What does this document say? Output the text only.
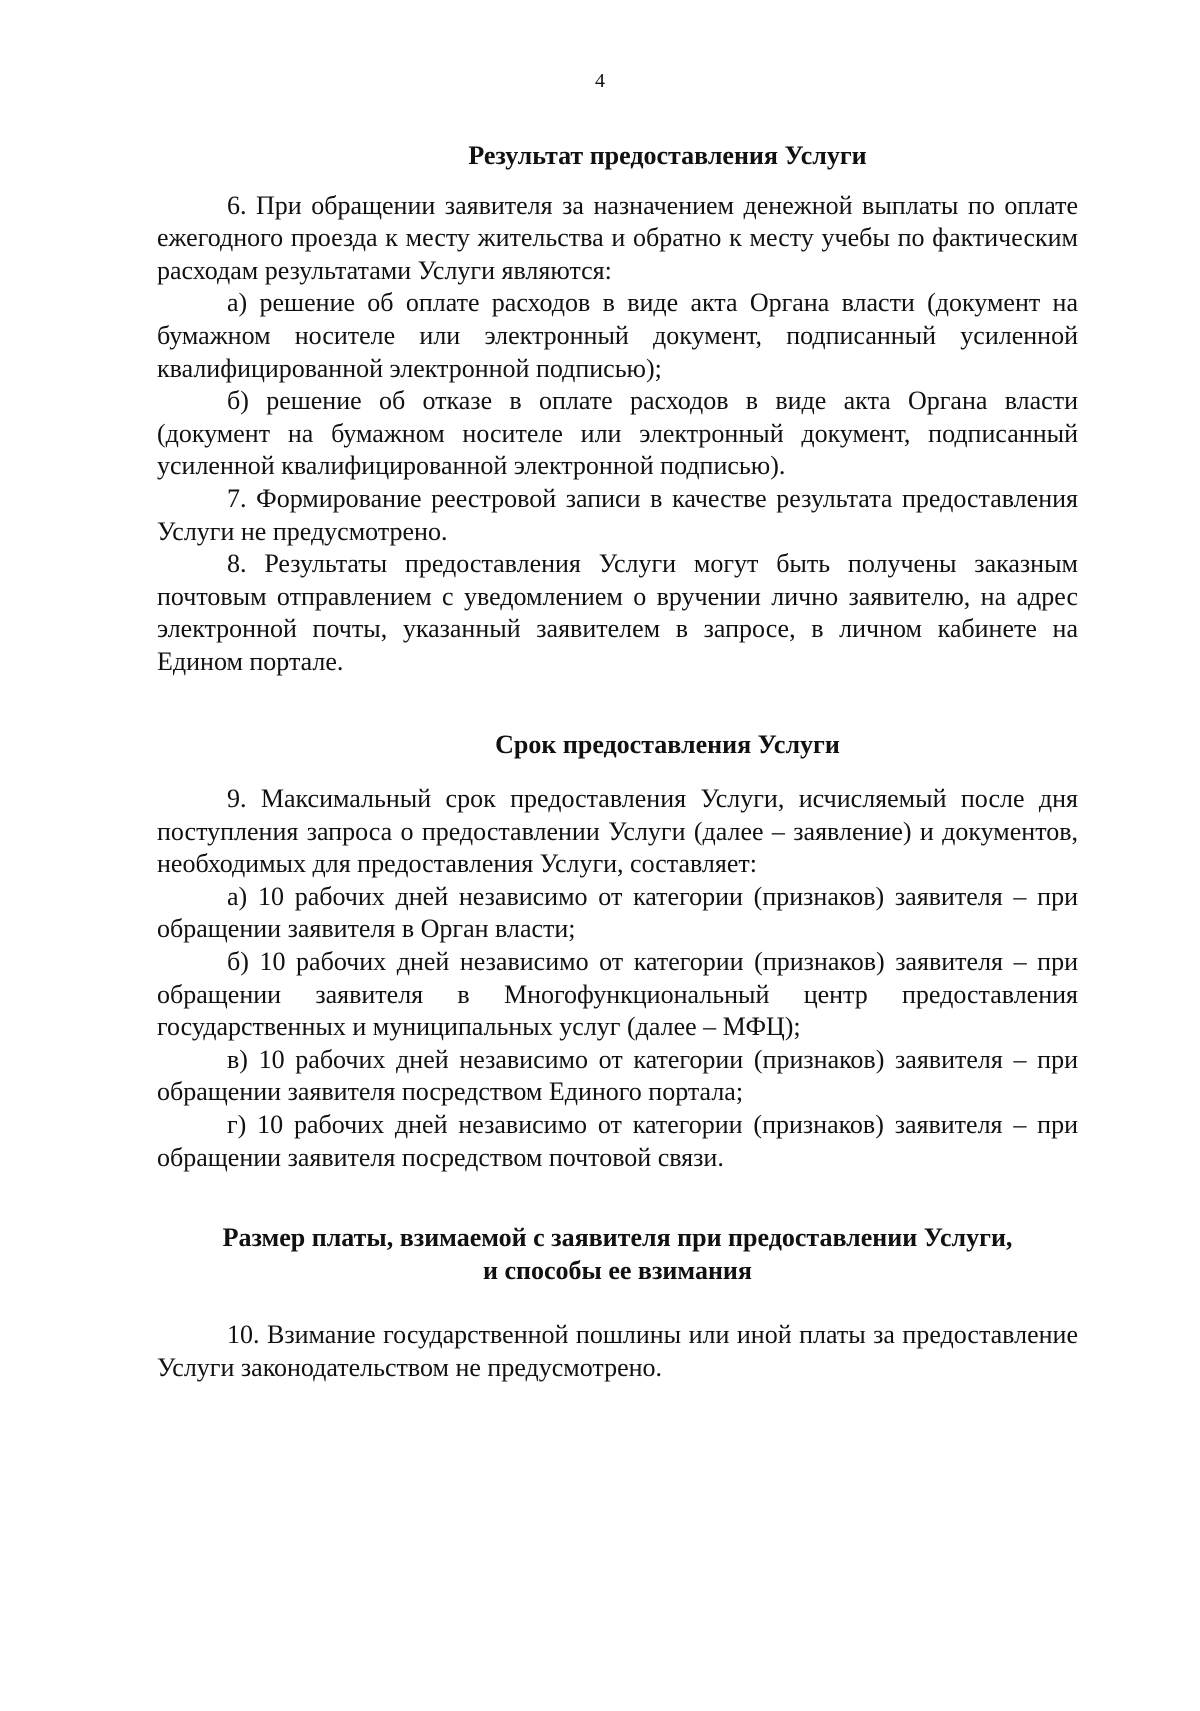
4
Результат предоставления Услуги

6. При обращении заявителя за назначением денежной выплаты по оплате ежегодного проезда к месту жительства и обратно к месту учебы по фактическим расходам результатами Услуги являются:

а) решение об оплате расходов в виде акта Органа власти (документ на бумажном носителе или электронный документ, подписанный усиленной квалифицированной электронной подписью);

б) решение об отказе в оплате расходов в виде акта Органа власти (документ на бумажном носителе или электронный документ, подписанный усиленной квалифицированной электронной подписью).

7. Формирование реестровой записи в качестве результата предоставления Услуги не предусмотрено.

8. Результаты предоставления Услуги могут быть получены заказным почтовым отправлением с уведомлением о вручении лично заявителю, на адрес электронной почты, указанный заявителем в запросе, в личном кабинете на Едином портале.

Срок предоставления Услуги

9. Максимальный срок предоставления Услуги, исчисляемый после дня поступления запроса о предоставлении Услуги (далее – заявление) и документов, необходимых для предоставления Услуги, составляет:

а) 10 рабочих дней независимо от категории (признаков) заявителя – при обращении заявителя в Орган власти;

б) 10 рабочих дней независимо от категории (признаков) заявителя – при обращении заявителя в Многофункциональный центр предоставления государственных и муниципальных услуг (далее – МФЦ);

в) 10 рабочих дней независимо от категории (признаков) заявителя – при обращении заявителя посредством Единого портала;

г) 10 рабочих дней независимо от категории (признаков) заявителя – при обращении заявителя посредством почтовой связи.

Размер платы, взимаемой с заявителя при предоставлении Услуги,
и способы ее взимания

10. Взимание государственной пошлины или иной платы за предоставление Услуги законодательством не предусмотрено.
